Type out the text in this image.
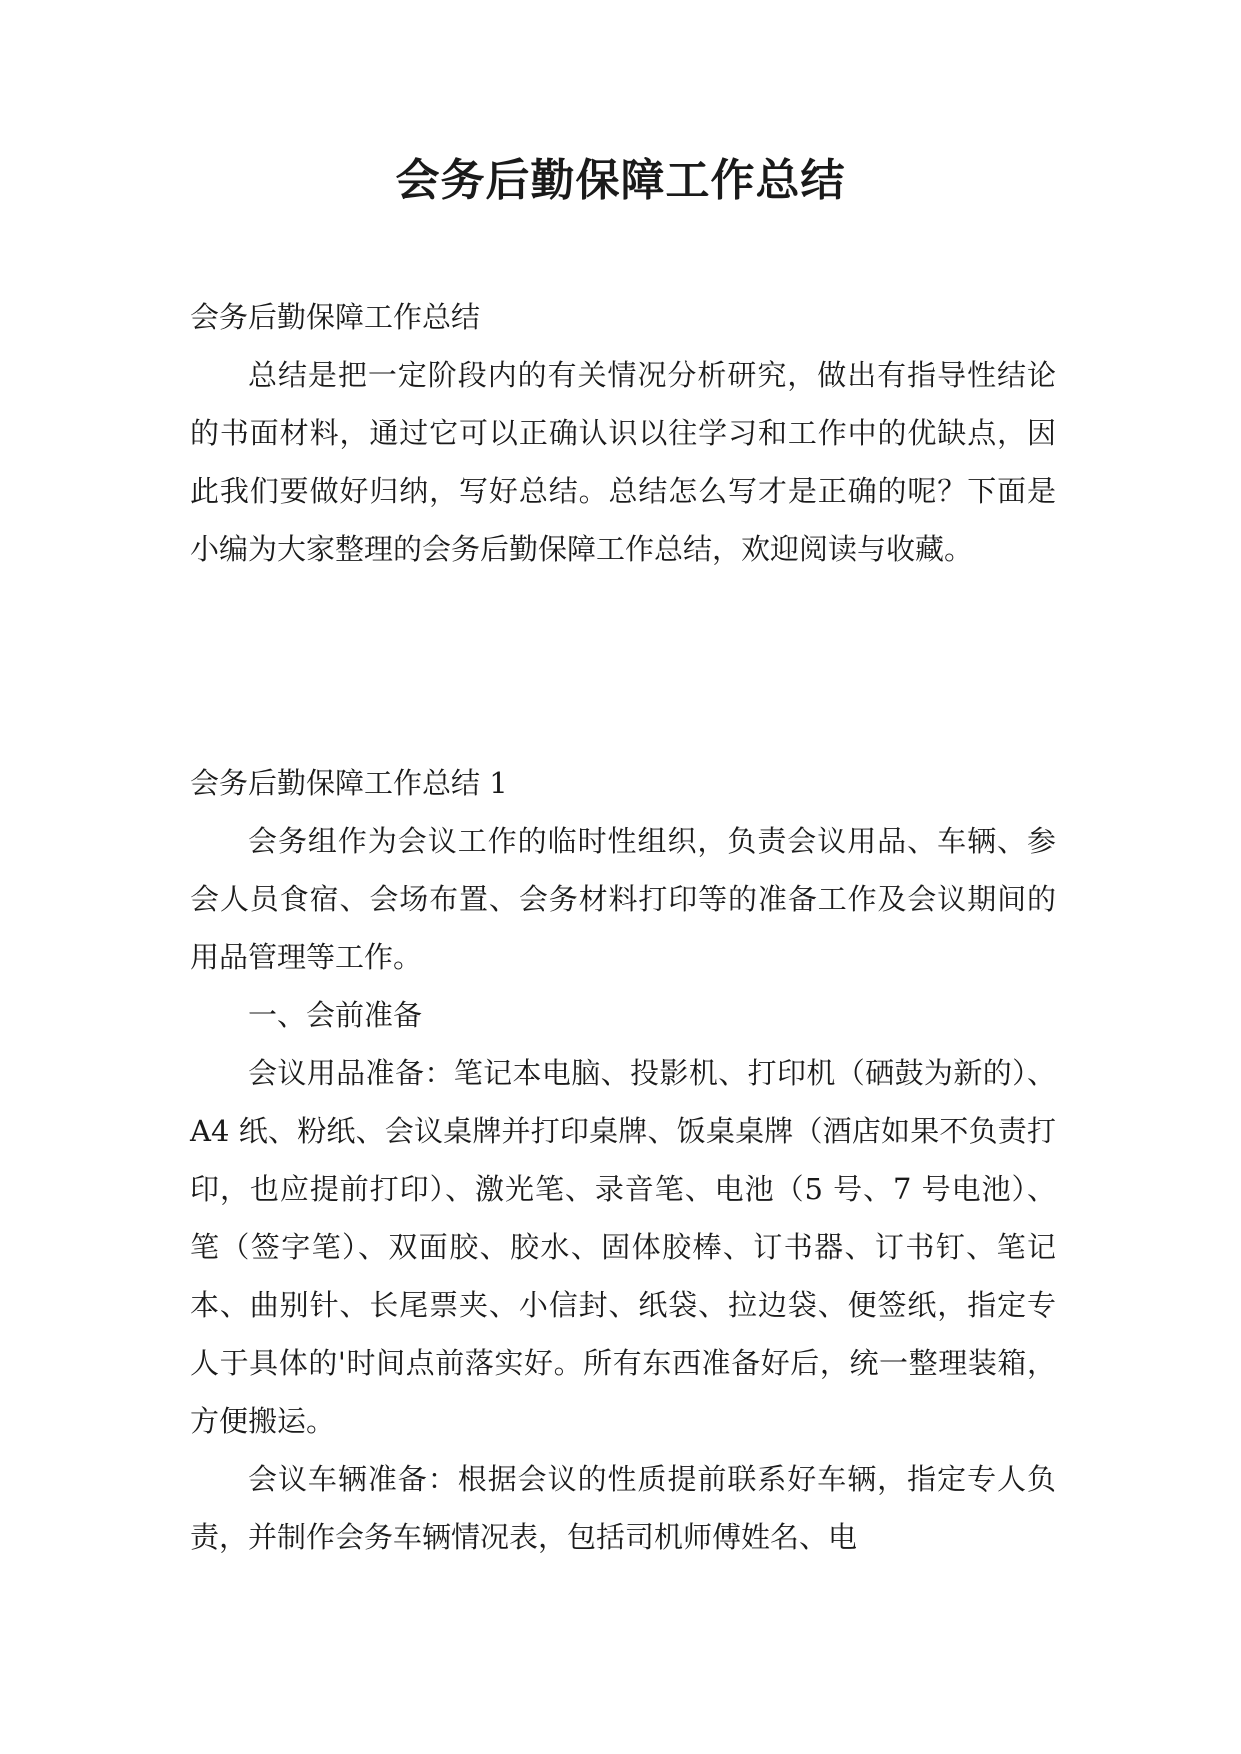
会务后勤保障工作总结

会务后勤保障工作总结

总结是把一定阶段内的有关情况分析研究，做出有指导性结论的书面材料，通过它可以正确认识以往学习和工作中的优缺点，因此我们要做好归纳，写好总结。总结怎么写才是正确的呢？下面是小编为大家整理的会务后勤保障工作总结，欢迎阅读与收藏。

会务后勤保障工作总结 1

会务组作为会议工作的临时性组织，负责会议用品、车辆、参会人员食宿、会场布置、会务材料打印等的准备工作及会议期间的用品管理等工作。

一、会前准备

会议用品准备：笔记本电脑、投影机、打印机（硒鼓为新的）、A4 纸、粉纸、会议桌牌并打印桌牌、饭桌桌牌（酒店如果不负责打印，也应提前打印）、激光笔、录音笔、电池（5 号、7 号电池）、笔（签字笔）、双面胶、胶水、固体胶棒、订书器、订书钉、笔记本、曲别针、长尾票夹、小信封、纸袋、拉边袋、便签纸，指定专人于具体的'时间点前落实好。所有东西准备好后，统一整理装箱，方便搬运。

会议车辆准备：根据会议的性质提前联系好车辆，指定专人负责，并制作会务车辆情况表，包括司机师傅姓名、电
